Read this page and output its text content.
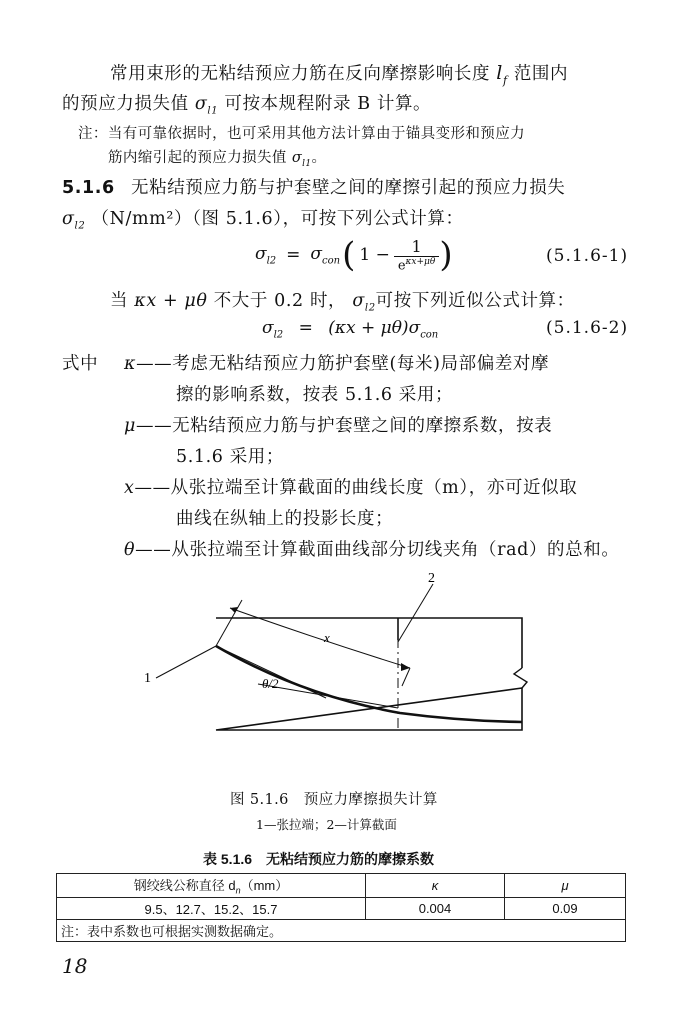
常用束形的无粘结预应力筋在反向摩擦影响长度 $l_f$ 范围内
的预应力损失值 $\sigma_{l1}$ 可按本规程附录 B 计算。
注：当有可靠依据时，也可采用其他方法计算由于锚具变形和预应力
筋内缩引起的预应力损失值 $\sigma_{l1}$。
5.1.6 无粘结预应力筋与护套壁之间的摩擦引起的预应力损失
$\sigma_{l2}$ （N/mm²）（图 5.1.6），可按下列公式计算：
$\sigma_{l2} = \sigma_{con}$ ( $1 - \frac{1}{e^{\kappa x+\mu\theta}}$ )	(5.1.6-1)
当 κx + μθ 不大于 0.2 时， $\sigma_{l2}$可按下列近似公式计算：
$\sigma_{l2} = (\kappa x + \mu\theta)\sigma_{con}$	(5.1.6-2)
式中 κ——考虑无粘结预应力筋护套壁(每米)局部偏差对摩
擦的影响系数，按表 5.1.6 采用；
μ——无粘结预应力筋与护套壁之间的摩擦系数，按表
5.1.6 采用；
x——从张拉端至计算截面的曲线长度（m），亦可近似取
曲线在纵轴上的投影长度；
θ——从张拉端至计算截面曲线部分切线夹角（rad）的总和。
1
2
x
θ/2
图 5.1.6　预应力摩擦损失计算
1—张拉端；2—计算截面
表 5.1.6　无粘结预应力筋的摩擦系数
钢绞线公称直径 $d_n(mm)$	κ	μ
9.5、12.7、15.2、15.7	0.004	0.09
注：表中系数也可根据实测数据确定。		
18
